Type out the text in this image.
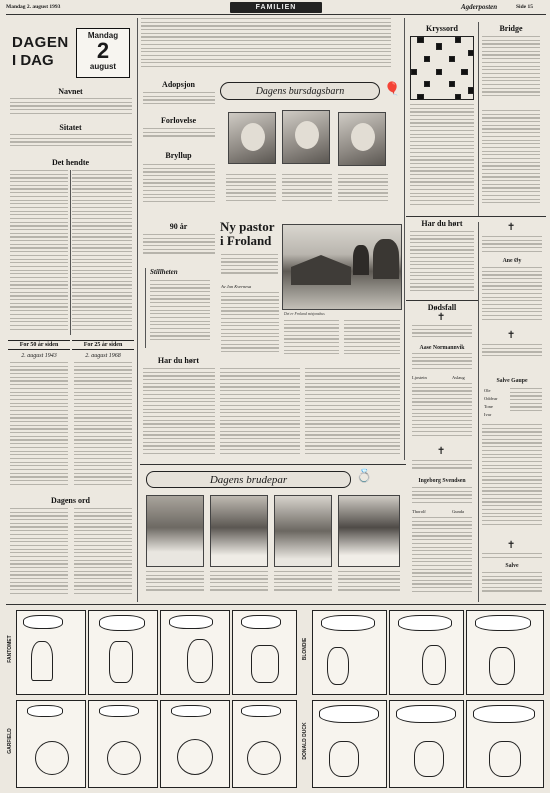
Mandag 2. august 1993	FAMILIEN	Agderposten	Side 15
DAGEN
I DAG
Mandag
2
august
Navnet
Sitatet
Det hendte
For 50 år siden	For 25 år siden
2. august 1943	2. august 1968
Dagens ord
Adopsjon
Forlovelse
Bryllup
90 år
Stillheten
Har du hørt
Dagens bursdagsbarn	🎈
Ny pastor
i Froland
Av Jan Kvernesa
Det er Froland misjonshus
Kryssord	Bridge
Har du hørt
Dødsfall
✝
Aase Normannvik
Ljostein	Aslaug
✝
Ingeborg Svendsen
Thorolf	Gunda
✝
Ane Øy
✝
Salve Gaupe
Ole
Oddvar
Tone
Ivar
✝
Salve
Dagens brudepar	💍
FANTOMET	BLONDIE
GARFIELD	DONALD DUCK
